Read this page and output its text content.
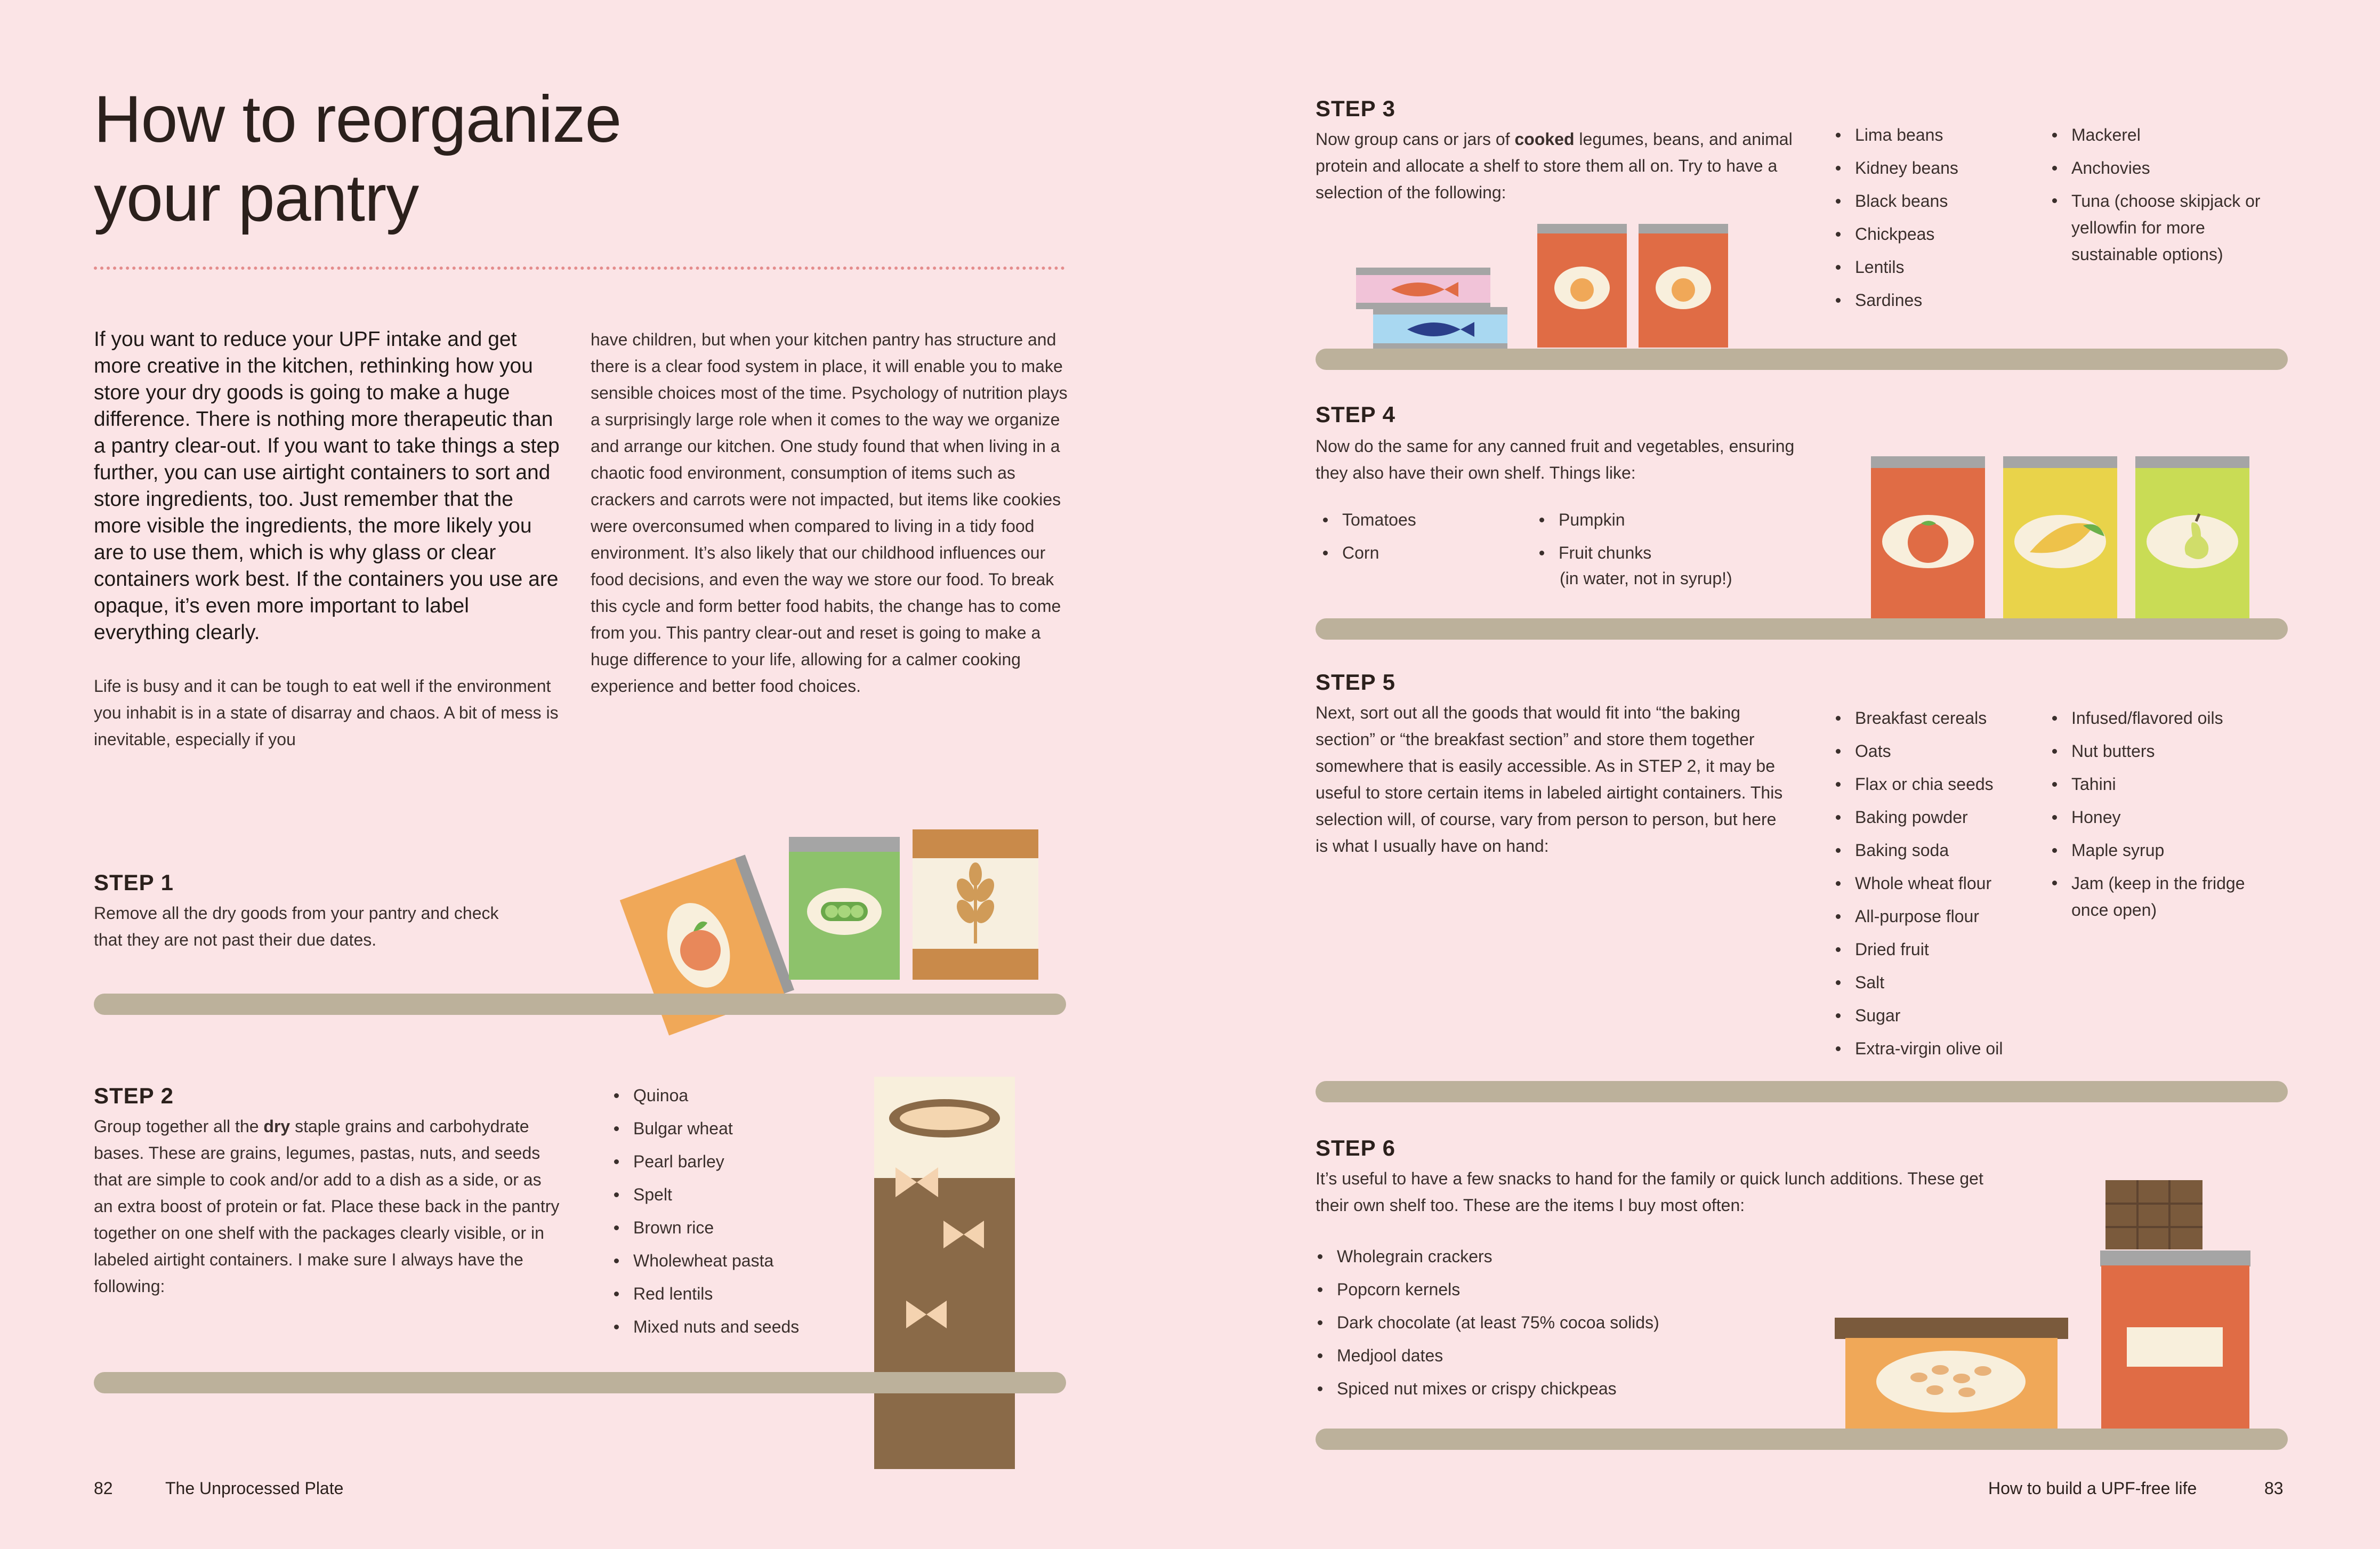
How to reorganize
your pantry
If you want to reduce your UPF intake and get more creative in the kitchen, rethinking how you store your dry goods is going to make a huge difference. There is nothing more therapeutic than a pantry clear-out. If you want to take things a step further, you can use airtight containers to sort and store ingredients, too. Just remember that the more visible the ingredients, the more likely you are to use them, which is why glass or clear containers work best. If the containers you use are opaque, it’s even more important to label everything clearly.
Life is busy and it can be tough to eat well if the environment you inhabit is in a state of disarray and chaos. A bit of mess is inevitable, especially if you
have children, but when your kitchen pantry has structure and there is a clear food system in place, it will enable you to make sensible choices most of the time. Psychology of nutrition plays a surprisingly large role when it comes to the way we organize and arrange our kitchen. One study found that when living in a chaotic food environment, consumption of items such as crackers and carrots were not impacted, but items like cookies were overconsumed when compared to living in a tidy food environment. It’s also likely that our childhood influences our food decisions, and even the way we store our food. To break this cycle and form better food habits, the change has to come from you. This pantry clear-out and reset is going to make a huge difference to your life, allowing for a calmer cooking experience and better food choices.
STEP 1
Remove all the dry goods from your pantry and check that they are not past their due dates.
STEP 2
Group together all the dry staple grains and carbohydrate bases. These are grains, legumes, pastas, nuts, and seeds that are simple to cook and/or add to a dish as a side, or as an extra boost of protein or fat. Place these back in the pantry together on one shelf with the packages clearly visible, or in labeled airtight containers. I make sure I always have the following:
Quinoa
Bulgar wheat
Pearl barley
Spelt
Brown rice
Wholewheat pasta
Red lentils
Mixed nuts and seeds
82	The Unprocessed Plate
STEP 3
Now group cans or jars of cooked legumes, beans, and animal protein and allocate a shelf to store them all on. Try to have a selection of the following:
Lima beans
Kidney beans
Black beans
Chickpeas
Lentils
Sardines
Mackerel
Anchovies
Tuna (choose skipjack or yellowfin for more sustainable options)
STEP 4
Now do the same for any canned fruit and vegetables, ensuring they also have their own shelf. Things like:
Tomatoes
Corn
Pumpkin
Fruit chunks
(in water, not in syrup!)
STEP 5
Next, sort out all the goods that would fit into “the baking section” or “the breakfast section” and store them together somewhere that is easily accessible. As in STEP 2, it may be useful to store certain items in labeled airtight containers. This selection will, of course, vary from person to person, but here is what I usually have on hand:
Breakfast cereals
Oats
Flax or chia seeds
Baking powder
Baking soda
Whole wheat flour
All-purpose flour
Dried fruit
Salt
Sugar
Extra-virgin olive oil
Infused/flavored oils
Nut butters
Tahini
Honey
Maple syrup
Jam (keep in the fridge once open)
STEP 6
It’s useful to have a few snacks to hand for the family or quick lunch additions. These get their own shelf too. These are the items I buy most often:
Wholegrain crackers
Popcorn kernels
Dark chocolate (at least 75% cocoa solids)
Medjool dates
Spiced nut mixes or crispy chickpeas
How to build a UPF-free life	83
